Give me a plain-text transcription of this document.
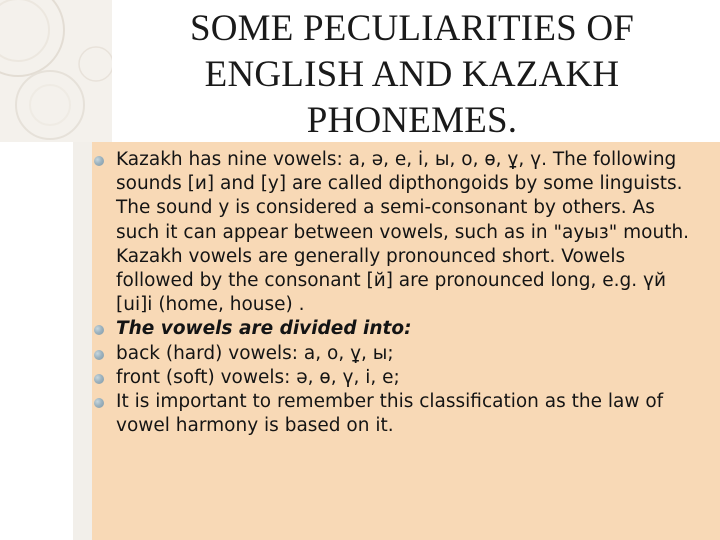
SOME PECULIARITIES OF
ENGLISH AND KAZAKH
PHONEMES.
Kazakh has nine vowels: a, ə, e, i, ы, o, ө, ұ, ү. The following sounds [и] and [у] are called dipthongoids by some linguists. The sound у is considered a semi-consonant by others. As such it can appear between vowels, such as in "ауыз" mouth. Kazakh vowels are generally pronounced short. Vowels followed by the consonant [й] are pronounced long, e.g. үй [uі]i (home, house) .
The vowels are divided into:
back (hard) vowels: a, o, ұ, ы;
front (soft) vowels: ə, ө, ү, і, е;
It is important to remember this classification as the law of vowel harmony is based on it.
